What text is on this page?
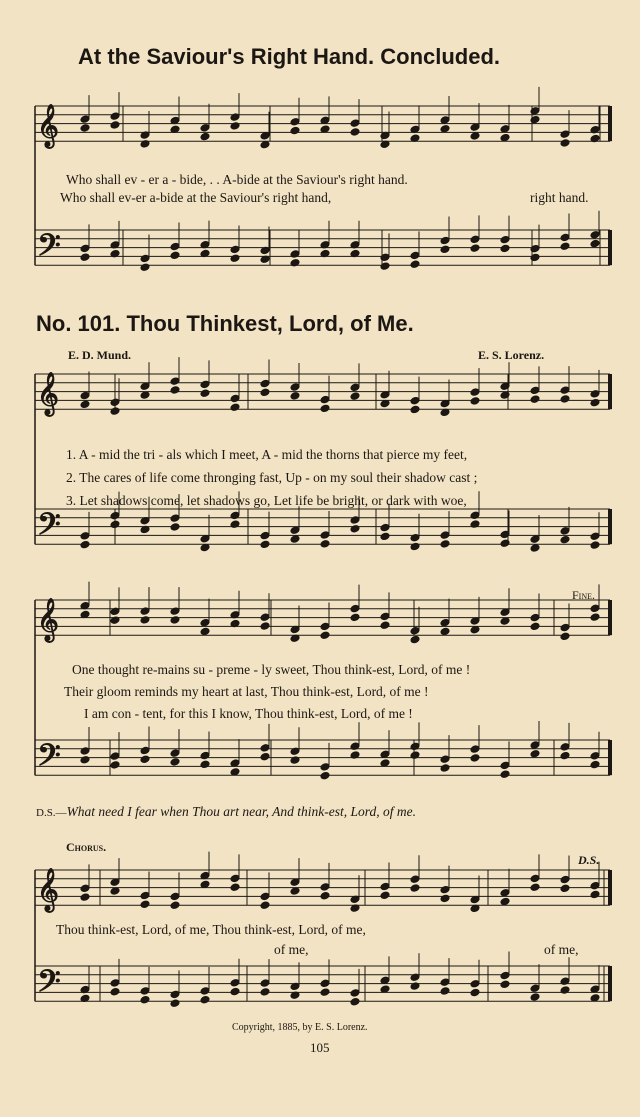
At the Saviour's Right Hand. Concluded.
𝄞
𝄢
𝄞
𝄢
𝄞
𝄢
𝄞
𝄢
Who shall ev - er a - bide, . . A-bide at the Saviour's right hand.
Who shall ev-er a-bide at the Saviour's right hand,	right hand.
No. 101. Thou Thinkest, Lord, of Me.
E. D. Mund.	E. S. Lorenz.
1. A - mid the tri - als which I meet, A - mid the thorns that pierce my feet,
2. The cares of life come thronging fast, Up - on my soul their shadow cast ;
3. Let shadows come, let shadows go, Let life be bright, or dark with woe,
Fine.
One thought re-mains su - preme - ly sweet, Thou think-est, Lord, of me !
Their gloom reminds my heart at last, Thou think-est, Lord, of me !
I am con - tent, for this I know, Thou think-est, Lord, of me !
D.S.—What need I fear when Thou art near, And think-est, Lord, of me.
Chorus.
D.S.
Thou think-est, Lord, of me, Thou think-est, Lord, of me,
of me,	of me,
Copyright, 1885, by E. S. Lorenz.
105
